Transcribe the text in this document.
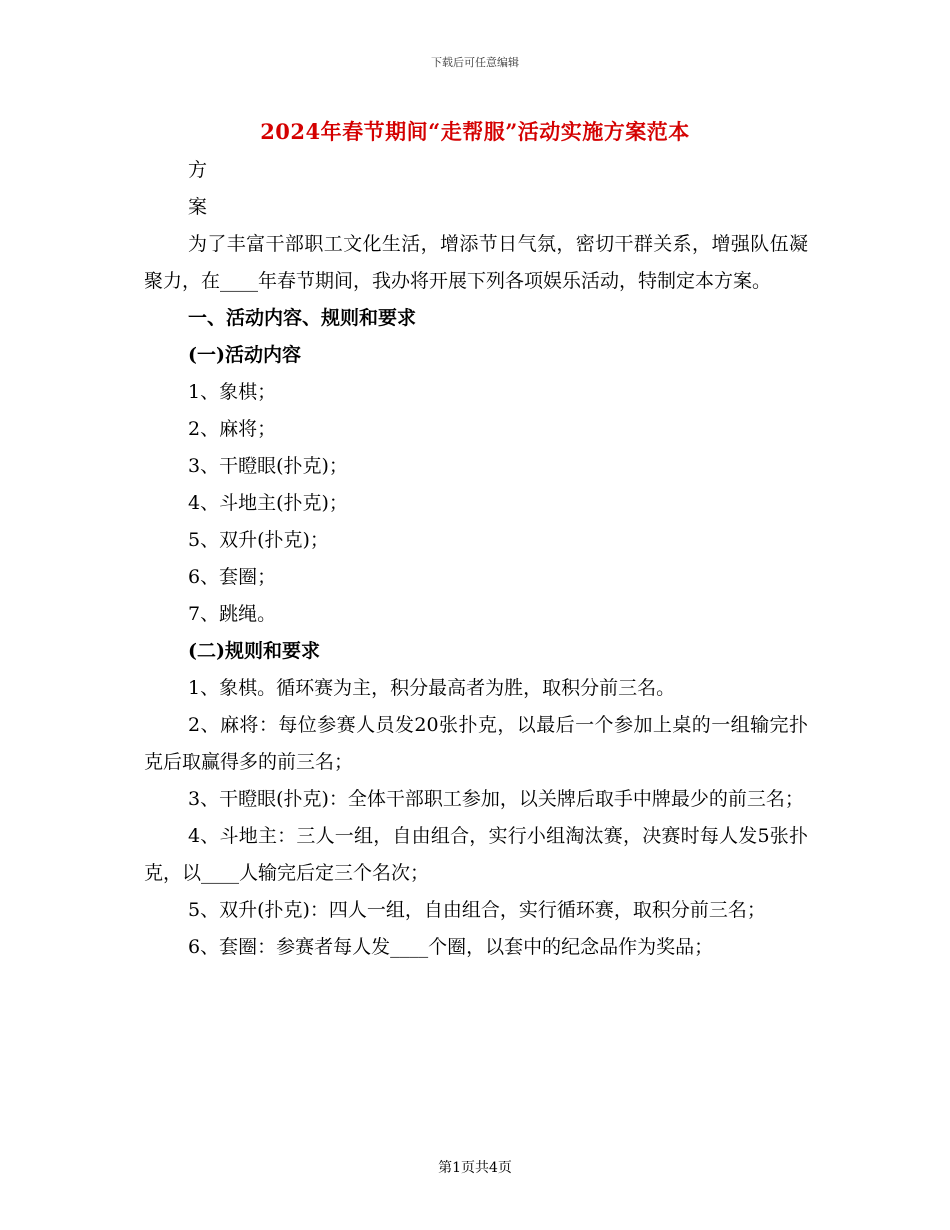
下载后可任意编辑
2024年春节期间“走帮服”活动实施方案范本

方

案

为了丰富干部职工文化生活，增添节日气氛，密切干群关系，增强队伍凝聚力，在____年春节期间，我办将开展下列各项娱乐活动，特制定本方案。

一、活动内容、规则和要求

(一)活动内容

1、象棋；

2、麻将；

3、干瞪眼(扑克)；

4、斗地主(扑克)；

5、双升(扑克)；

6、套圈；

7、跳绳。

(二)规则和要求

1、象棋。循环赛为主，积分最高者为胜，取积分前三名。

2、麻将：每位参赛人员发20张扑克，以最后一个参加上桌的一组输完扑克后取赢得多的前三名；

3、干瞪眼(扑克)：全体干部职工参加，以关牌后取手中牌最少的前三名；

4、斗地主：三人一组，自由组合，实行小组淘汰赛，决赛时每人发5张扑克，以____人输完后定三个名次；

5、双升(扑克)：四人一组，自由组合，实行循环赛，取积分前三名；

6、套圈：参赛者每人发____个圈，以套中的纪念品作为奖品；

第1页共4页
